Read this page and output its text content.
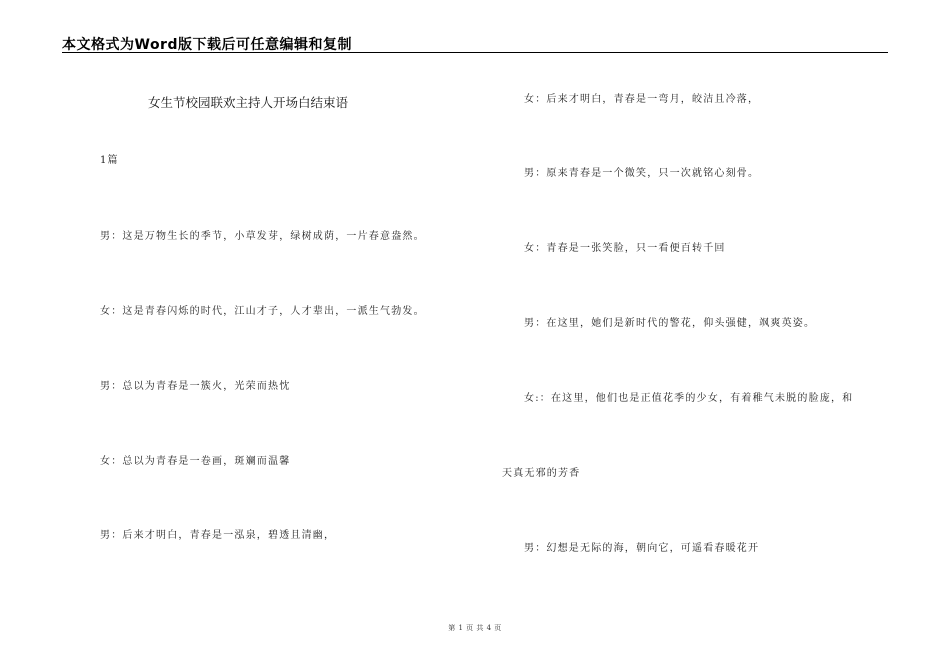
本文格式为Word版下载后可任意编辑和复制
女生节校园联欢主持人开场白结束语
1篇
男：这是万物生长的季节，小草发芽，绿树成荫，一片春意盎然。
女：这是青春闪烁的时代，江山才子，人才辈出，一派生气勃发。
男：总以为青春是一簇火，光荣而热忱
女：总以为青春是一卷画，斑斓而温馨
男：后来才明白，青春是一泓泉，碧透且清幽，
女：后来才明白，青春是一弯月，皎洁且冷落，
男：原来青春是一个微笑，只一次就铭心刻骨。
女：青春是一张笑脸，只一看便百转千回
男：在这里，她们是新时代的警花，仰头强健，飒爽英姿。
女:：在这里，他们也是正值花季的少女，有着稚气未脱的脸庞，和
天真无邪的芳香
男：幻想是无际的海，朝向它，可遥看春暖花开
第 1 页 共 4 页
